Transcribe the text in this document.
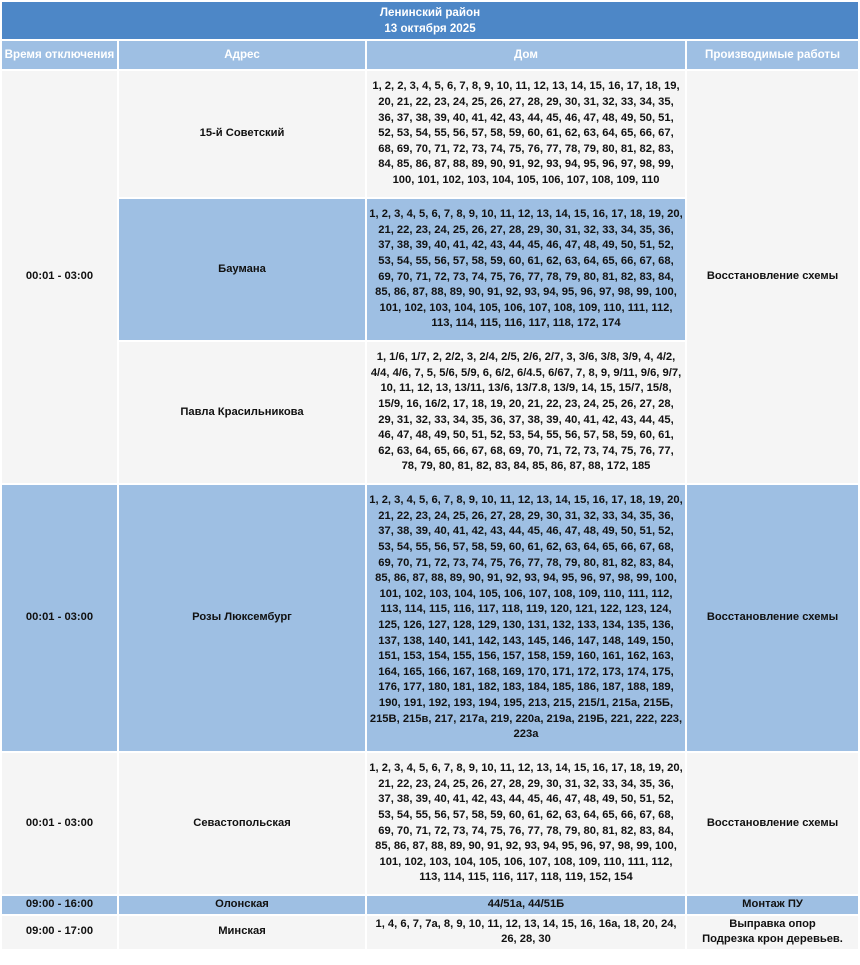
Ленинский район
13 октября 2025			

Время отключения	Адрес	Дом	Производимые работы
00:01 - 03:00	15-й Советский	1, 2, 2, 3, 4, 5, 6, 7, 8, 9, 10, 11, 12, 13, 14, 15, 16, 17, 18, 19, 20, 21, 22, 23, 24, 25, 26, 27, 28, 29, 30, 31, 32, 33, 34, 35, 36, 37, 38, 39, 40, 41, 42, 43, 44, 45, 46, 47, 48, 49, 50, 51, 52, 53, 54, 55, 56, 57, 58, 59, 60, 61, 62, 63, 64, 65, 66, 67, 68, 69, 70, 71, 72, 73, 74, 75, 76, 77, 78, 79, 80, 81, 82, 83, 84, 85, 86, 87, 88, 89, 90, 91, 92, 93, 94, 95, 96, 97, 98, 99, 100, 101, 102, 103, 104, 105, 106, 107, 108, 109, 110	Восстановление схемы
	Баумана	1, 2, 3, 4, 5, 6, 7, 8, 9, 10, 11, 12, 13, 14, 15, 16, 17, 18, 19, 20, 21, 22, 23, 24, 25, 26, 27, 28, 29, 30, 31, 32, 33, 34, 35, 36, 37, 38, 39, 40, 41, 42, 43, 44, 45, 46, 47, 48, 49, 50, 51, 52, 53, 54, 55, 56, 57, 58, 59, 60, 61, 62, 63, 64, 65, 66, 67, 68, 69, 70, 71, 72, 73, 74, 75, 76, 77, 78, 79, 80, 81, 82, 83, 84, 85, 86, 87, 88, 89, 90, 91, 92, 93, 94, 95, 96, 97, 98, 99, 100, 101, 102, 103, 104, 105, 106, 107, 108, 109, 110, 111, 112, 113, 114, 115, 116, 117, 118, 172, 174	
	Павла Красильникова	1, 1/6, 1/7, 2, 2/2, 3, 2/4, 2/5, 2/6, 2/7, 3, 3/6, 3/8, 3/9, 4, 4/2, 4/4, 4/6, 7, 5, 5/6, 5/9, 6, 6/2, 6/4.5, 6/67, 7, 8, 9, 9/11, 9/6, 9/7, 10, 11, 12, 13, 13/11, 13/6, 13/7.8, 13/9, 14, 15, 15/7, 15/8, 15/9, 16, 16/2, 17, 18, 19, 20, 21, 22, 23, 24, 25, 26, 27, 28, 29, 31, 32, 33, 34, 35, 36, 37, 38, 39, 40, 41, 42, 43, 44, 45, 46, 47, 48, 49, 50, 51, 52, 53, 54, 55, 56, 57, 58, 59, 60, 61, 62, 63, 64, 65, 66, 67, 68, 69, 70, 71, 72, 73, 74, 75, 76, 77, 78, 79, 80, 81, 82, 83, 84, 85, 86, 87, 88, 172, 185	
00:01 - 03:00	Розы Люксембург	1, 2, 3, 4, 5, 6, 7, 8, 9, 10, 11, 12, 13, 14, 15, 16, 17, 18, 19, 20, 21, 22, 23, 24, 25, 26, 27, 28, 29, 30, 31, 32, 33, 34, 35, 36, 37, 38, 39, 40, 41, 42, 43, 44, 45, 46, 47, 48, 49, 50, 51, 52, 53, 54, 55, 56, 57, 58, 59, 60, 61, 62, 63, 64, 65, 66, 67, 68, 69, 70, 71, 72, 73, 74, 75, 76, 77, 78, 79, 80, 81, 82, 83, 84, 85, 86, 87, 88, 89, 90, 91, 92, 93, 94, 95, 96, 97, 98, 99, 100, 101, 102, 103, 104, 105, 106, 107, 108, 109, 110, 111, 112, 113, 114, 115, 116, 117, 118, 119, 120, 121, 122, 123, 124, 125, 126, 127, 128, 129, 130, 131, 132, 133, 134, 135, 136, 137, 138, 140, 141, 142, 143, 145, 146, 147, 148, 149, 150, 151, 153, 154, 155, 156, 157, 158, 159, 160, 161, 162, 163, 164, 165, 166, 167, 168, 169, 170, 171, 172, 173, 174, 175, 176, 177, 180, 181, 182, 183, 184, 185, 186, 187, 188, 189, 190, 191, 192, 193, 194, 195, 213, 215, 215/1, 215а, 215Б, 215В, 215в, 217, 217а, 219, 220а, 219а, 219Б, 221, 222, 223, 223а	Восстановление схемы
00:01 - 03:00	Севастопольская	1, 2, 3, 4, 5, 6, 7, 8, 9, 10, 11, 12, 13, 14, 15, 16, 17, 18, 19, 20, 21, 22, 23, 24, 25, 26, 27, 28, 29, 30, 31, 32, 33, 34, 35, 36, 37, 38, 39, 40, 41, 42, 43, 44, 45, 46, 47, 48, 49, 50, 51, 52, 53, 54, 55, 56, 57, 58, 59, 60, 61, 62, 63, 64, 65, 66, 67, 68, 69, 70, 71, 72, 73, 74, 75, 76, 77, 78, 79, 80, 81, 82, 83, 84, 85, 86, 87, 88, 89, 90, 91, 92, 93, 94, 95, 96, 97, 98, 99, 100, 101, 102, 103, 104, 105, 106, 107, 108, 109, 110, 111, 112, 113, 114, 115, 116, 117, 118, 119, 152, 154	Восстановление схемы
09:00 - 16:00	Олонская	44/51а, 44/51Б	Монтаж ПУ
09:00 - 17:00	Минская	1, 4, 6, 7, 7а, 8, 9, 10, 11, 12, 13, 14, 15, 16, 16а, 18, 20, 24, 26, 28, 30	Выправка опор
Подрезка крон деревьев.
